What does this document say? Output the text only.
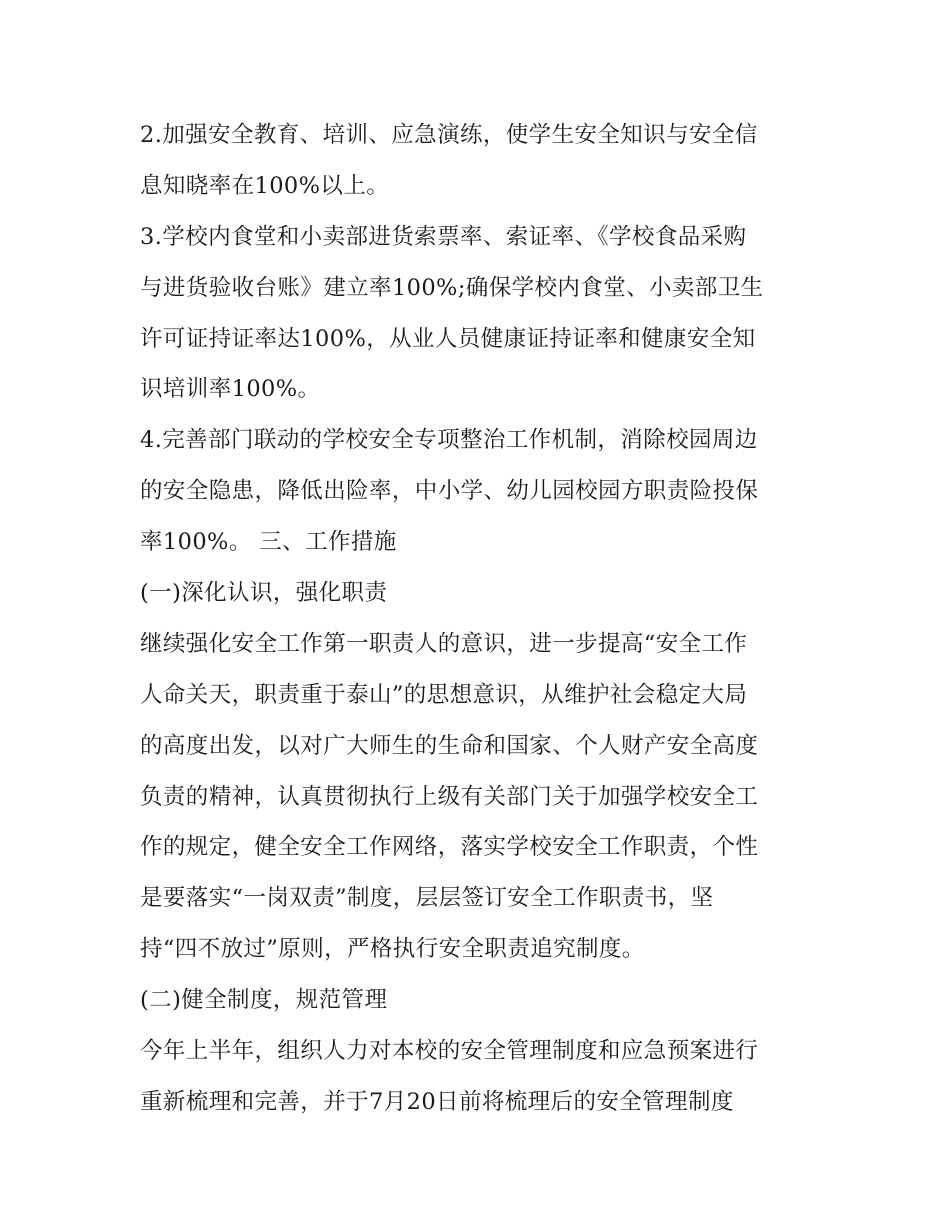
2.加强安全教育、培训、应急演练，使学生安全知识与安全信
息知晓率在100%以上。
3.学校内食堂和小卖部进货索票率、索证率、《学校食品采购
与进货验收台账》建立率100%;确保学校内食堂、小卖部卫生
许可证持证率达100%，从业人员健康证持证率和健康安全知
识培训率100%。
4.完善部门联动的学校安全专项整治工作机制，消除校园周边
的安全隐患，降低出险率，中小学、幼儿园校园方职责险投保
率100%。 三、工作措施
(一)深化认识，强化职责
继续强化安全工作第一职责人的意识，进一步提高“安全工作
人命关天，职责重于泰山”的思想意识，从维护社会稳定大局
的高度出发，以对广大师生的生命和国家、个人财产安全高度
负责的精神，认真贯彻执行上级有关部门关于加强学校安全工
作的规定，健全安全工作网络，落实学校安全工作职责，个性
是要落实“一岗双责”制度，层层签订安全工作职责书，坚
持“四不放过”原则，严格执行安全职责追究制度。
(二)健全制度，规范管理
今年上半年，组织人力对本校的安全管理制度和应急预案进行
重新梳理和完善，并于7月20日前将梳理后的安全管理制度
